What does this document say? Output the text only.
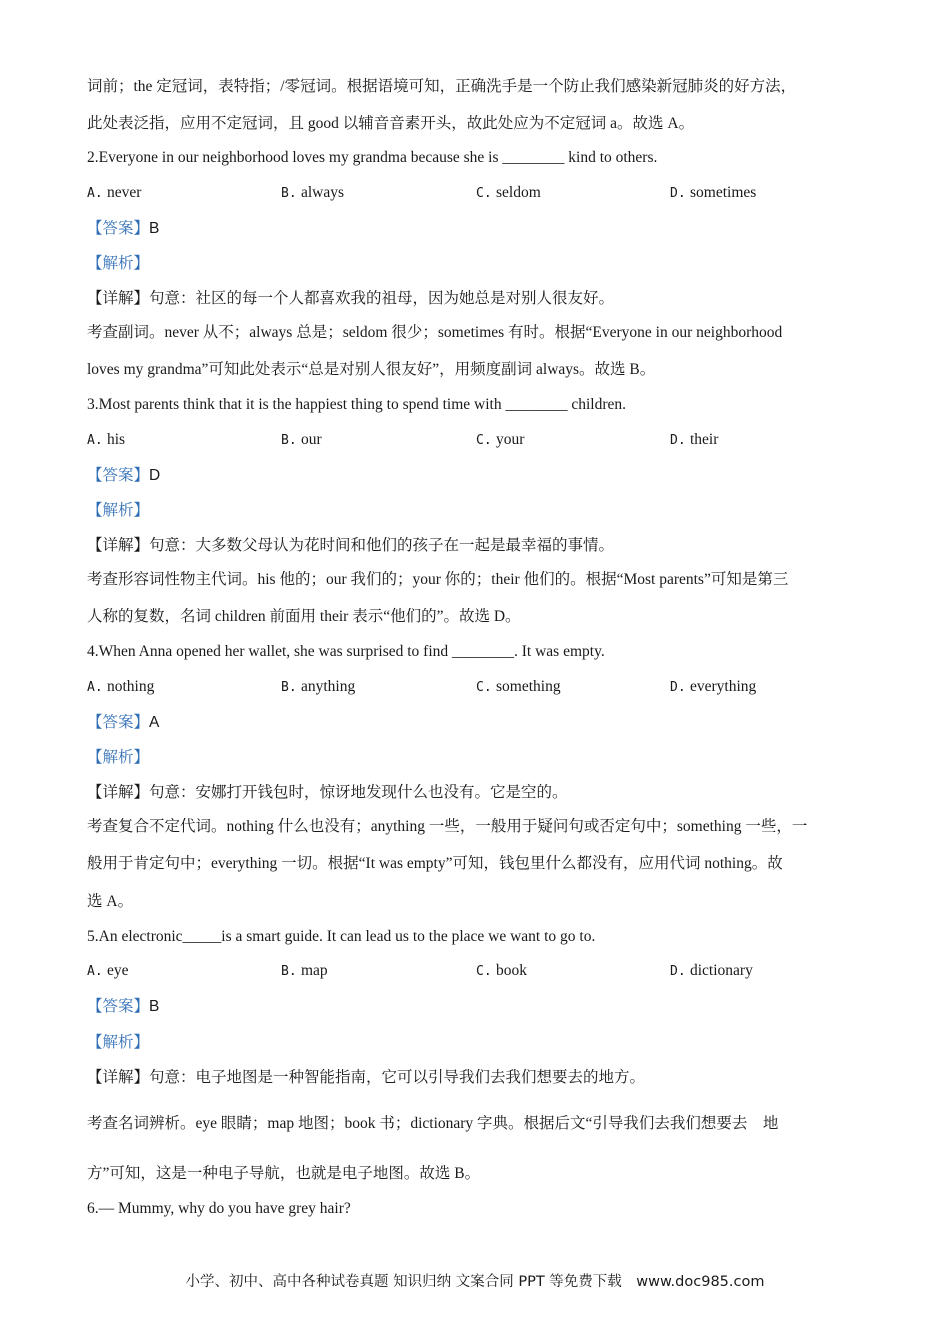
词前；the 定冠词，表特指；/零冠词。根据语境可知，正确洗手是一个防止我们感染新冠肺炎的好方法，
此处表泛指，应用不定冠词，且 good 以辅音音素开头，故此处应为不定冠词 a。故选 A。
2.Everyone in our neighborhood loves my grandma because she is ________ kind to others.
A. never	B. always	C. seldom	D. sometimes
【答案】B
【解析】
【详解】句意：社区的每一个人都喜欢我的祖母，因为她总是对别人很友好。
考查副词。never 从不；always 总是；seldom 很少；sometimes 有时。根据“Everyone in our neighborhood
loves my grandma”可知此处表示“总是对别人很友好”，用频度副词 always。故选 B。
3.Most parents think that it is the happiest thing to spend time with ________ children.
A. his	B. our	C. your	D. their
【答案】D
【解析】
【详解】句意：大多数父母认为花时间和他们的孩子在一起是最幸福的事情。
考查形容词性物主代词。his 他的；our 我们的；your 你的；their 他们的。根据“Most parents”可知是第三
人称的复数，名词 children 前面用 their 表示“他们的”。故选 D。
4.When Anna opened her wallet, she was surprised to find ________. It was empty.
A. nothing	B. anything	C. something	D. everything
【答案】A
【解析】
【详解】句意：安娜打开钱包时，惊讶地发现什么也没有。它是空的。
考查复合不定代词。nothing 什么也没有；anything 一些，一般用于疑问句或否定句中；something 一些，一
般用于肯定句中；everything 一切。根据“It was empty”可知，钱包里什么都没有，应用代词 nothing。故
选 A。
5.An electronic_____is a smart guide. It can lead us to the place we want to go to.
A. eye	B. map	C. book	D. dictionary
【答案】B
【解析】
【详解】句意：电子地图是一种智能指南，它可以引导我们去我们想要去的地方。
考查名词辨析。eye 眼睛；map 地图；book 书；dictionary 字典。根据后文“引导我们去我们想要去　地
方”可知，这是一种电子导航，也就是电子地图。故选 B。
6.— Mummy, why do you have grey hair?
小学、初中、高中各种试卷真题 知识归纳 文案合同 PPT 等免费下载　www.doc985.com
